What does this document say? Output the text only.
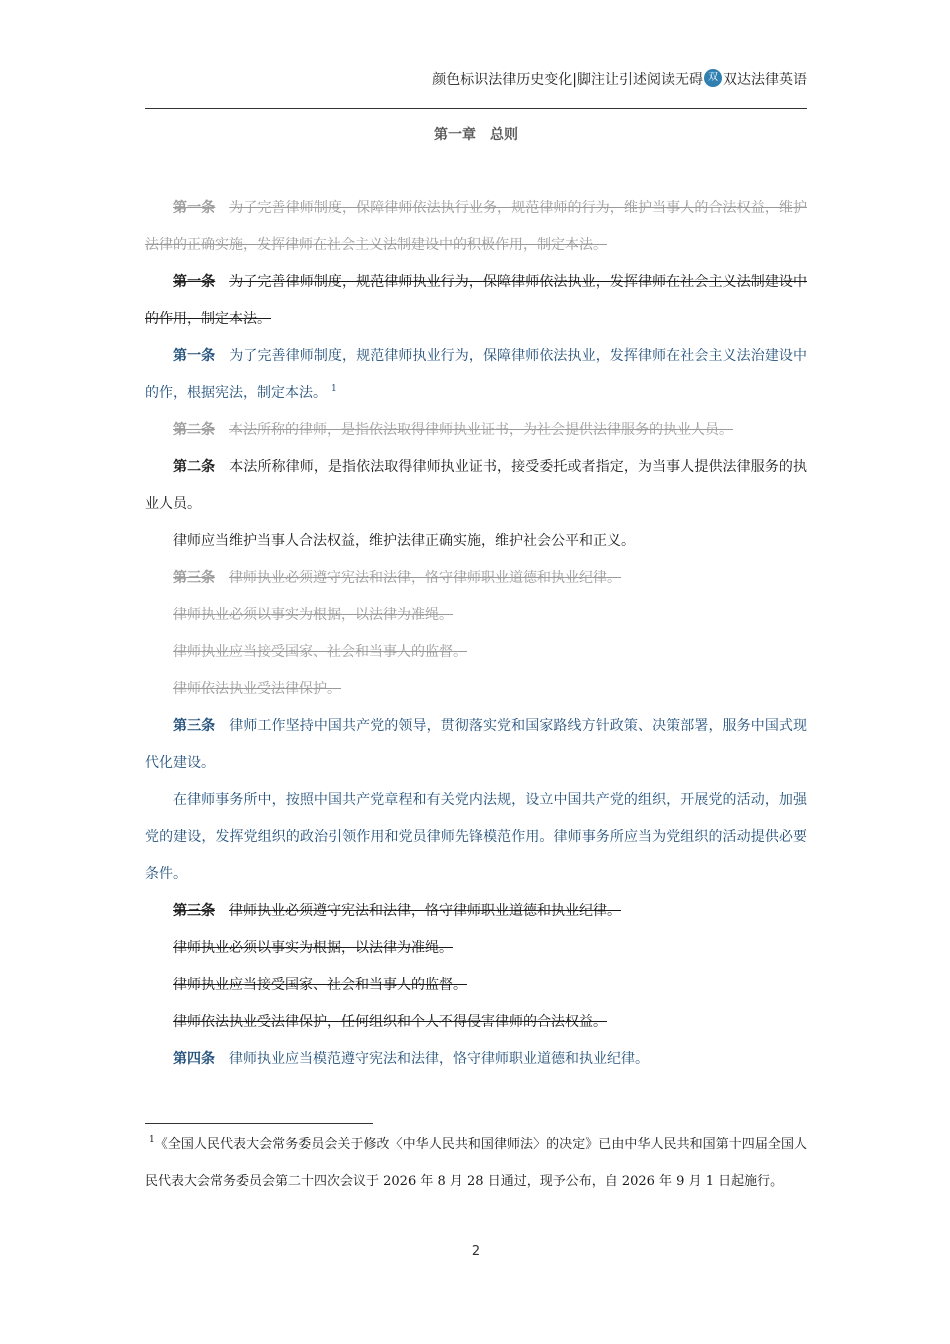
颜色标识法律历史变化|脚注让引述阅读无碍 双 双达法律英语
第一章　总则

第一条 为了完善律师制度，保障律师依法执行业务，规范律师的行为，维护当事人的合法权益，维护法律的正确实施，发挥律师在社会主义法制建设中的积极作用，制定本法。

第一条 为了完善律师制度，规范律师执业行为，保障律师依法执业，发挥律师在社会主义法制建设中的作用，制定本法。

第一条 为了完善律师制度，规范律师执业行为，保障律师依法执业，发挥律师在社会主义法治建设中的作，根据宪法，制定本法。 $^1$

第二条 本法所称的律师，是指依法取得律师执业证书，为社会提供法律服务的执业人员。

第二条 本法所称律师，是指依法取得律师执业证书，接受委托或者指定，为当事人提供法律服务的执业人员。

律师应当维护当事人合法权益，维护法律正确实施，维护社会公平和正义。

第三条 律师执业必须遵守宪法和法律，恪守律师职业道德和执业纪律。

律师执业必须以事实为根据，以法律为准绳。

律师执业应当接受国家、社会和当事人的监督。

律师依法执业受法律保护。

第三条 律师工作坚持中国共产党的领导，贯彻落实党和国家路线方针政策、决策部署，服务中国式现代化建设。

在律师事务所中，按照中国共产党章程和有关党内法规，设立中国共产党的组织，开展党的活动，加强党的建设，发挥党组织的政治引领作用和党员律师先锋模范作用。律师事务所应当为党组织的活动提供必要条件。

第三条 律师执业必须遵守宪法和法律，恪守律师职业道德和执业纪律。

律师执业必须以事实为根据，以法律为准绳。

律师执业应当接受国家、社会和当事人的监督。

律师依法执业受法律保护，任何组织和个人不得侵害律师的合法权益。

第四条 律师执业应当模范遵守宪法和法律，恪守律师职业道德和执业纪律。

$^1$《全国人民代表大会常务委员会关于修改〈中华人民共和国律师法〉的决定》已由中华人民共和国第十四届全国人民代表大会常务委员会第二十四次会议于 2026 年 8 月 28 日通过，现予公布，自 2026 年 9 月 1 日起施行。

2
